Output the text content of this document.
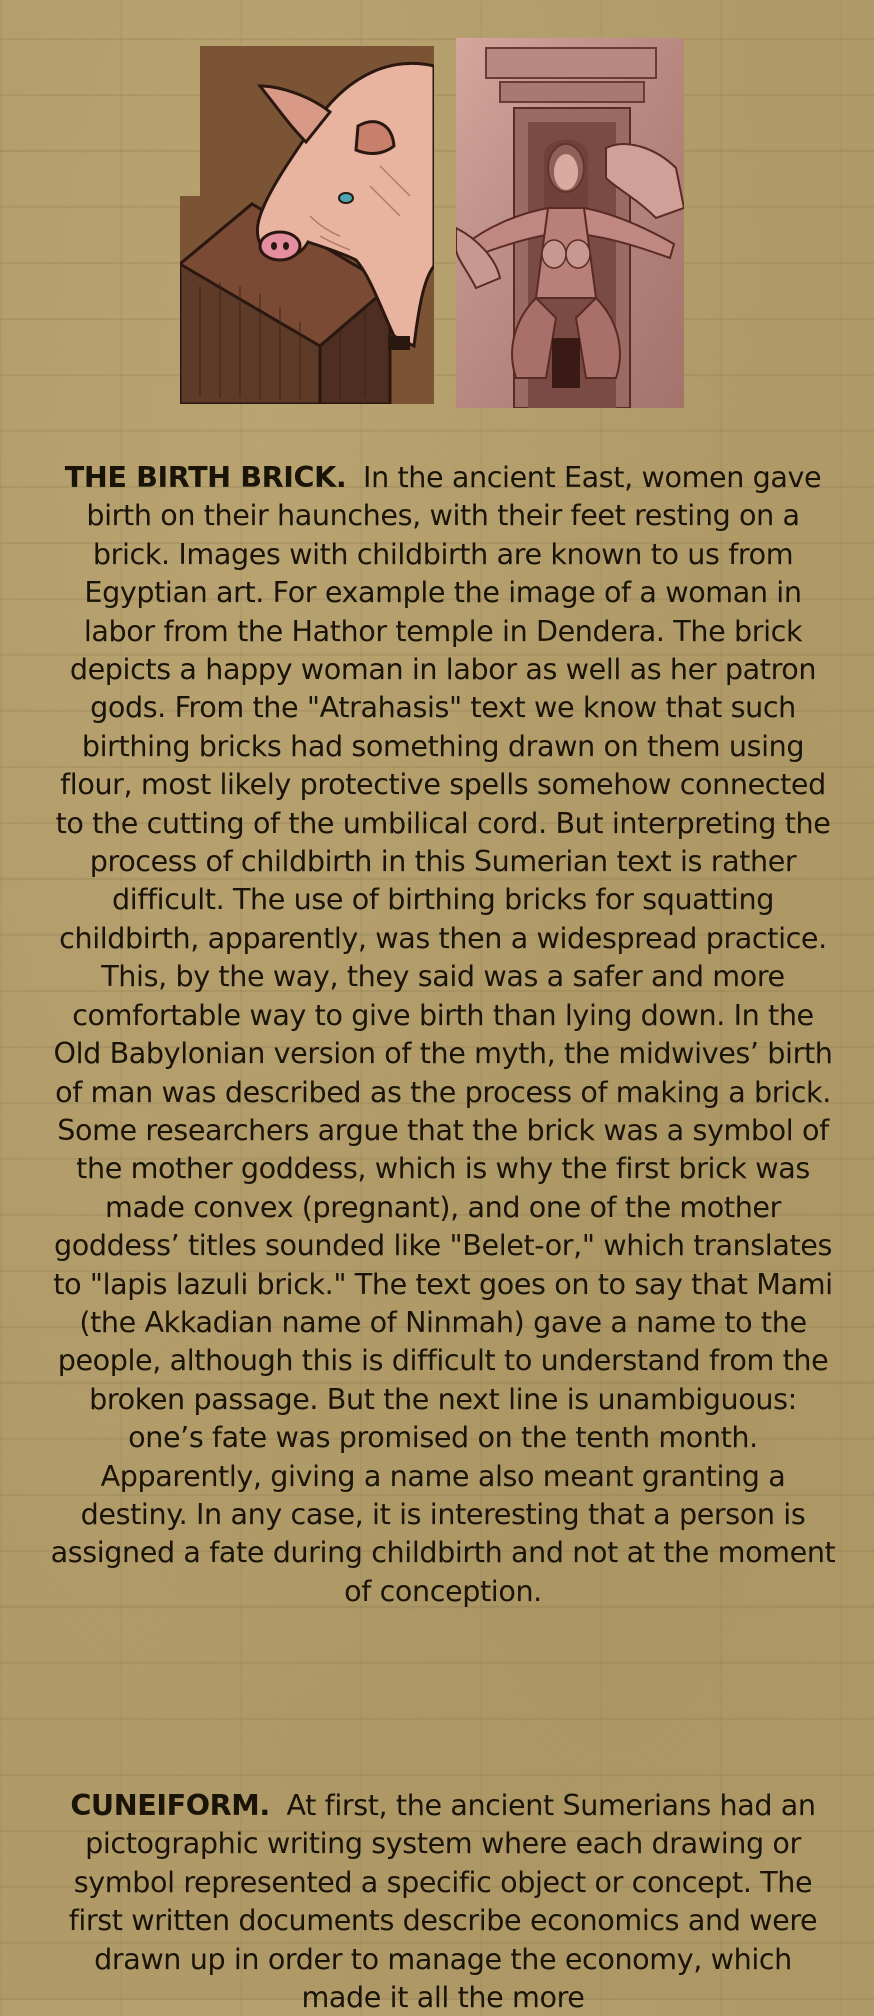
THE BIRTH BRICK. In the ancient East, women gave birth on their haunches, with their feet resting on a brick. Images with childbirth are known to us from Egyptian art. For example the image of a woman in labor from the Hathor temple in Dendera. The brick depicts a happy woman in labor as well as her patron gods. From the "Atrahasis" text we know that such birthing bricks had something drawn on them using flour, most likely protective spells somehow connected to the cutting of the umbilical cord. But interpreting the process of childbirth in this Sumerian text is rather difficult. The use of birthing bricks for squatting childbirth, apparently, was then a widespread practice. This, by the way, they said was a safer and more comfortable way to give birth than lying down. In the Old Babylonian version of the myth, the midwives’ birth of man was described as the process of making a brick. Some researchers argue that the brick was a symbol of the mother goddess, which is why the first brick was made convex (pregnant), and one of the mother goddess’ titles sounded like "Belet-or," which translates to "lapis lazuli brick." The text goes on to say that Mami (the Akkadian name of Ninmah) gave a name to the people, although this is difficult to understand from the broken passage. But the next line is unambiguous: one’s fate was promised on the tenth month. Apparently, giving a name also meant granting a destiny. In any case, it is interesting that a person is assigned a fate during childbirth and not at the moment of conception.
CUNEIFORM. At first, the ancient Sumerians had an pictographic writing system where each drawing or symbol represented a specific object or concept. The first written documents describe economics and were drawn up in order to manage the economy, which made it all the more
